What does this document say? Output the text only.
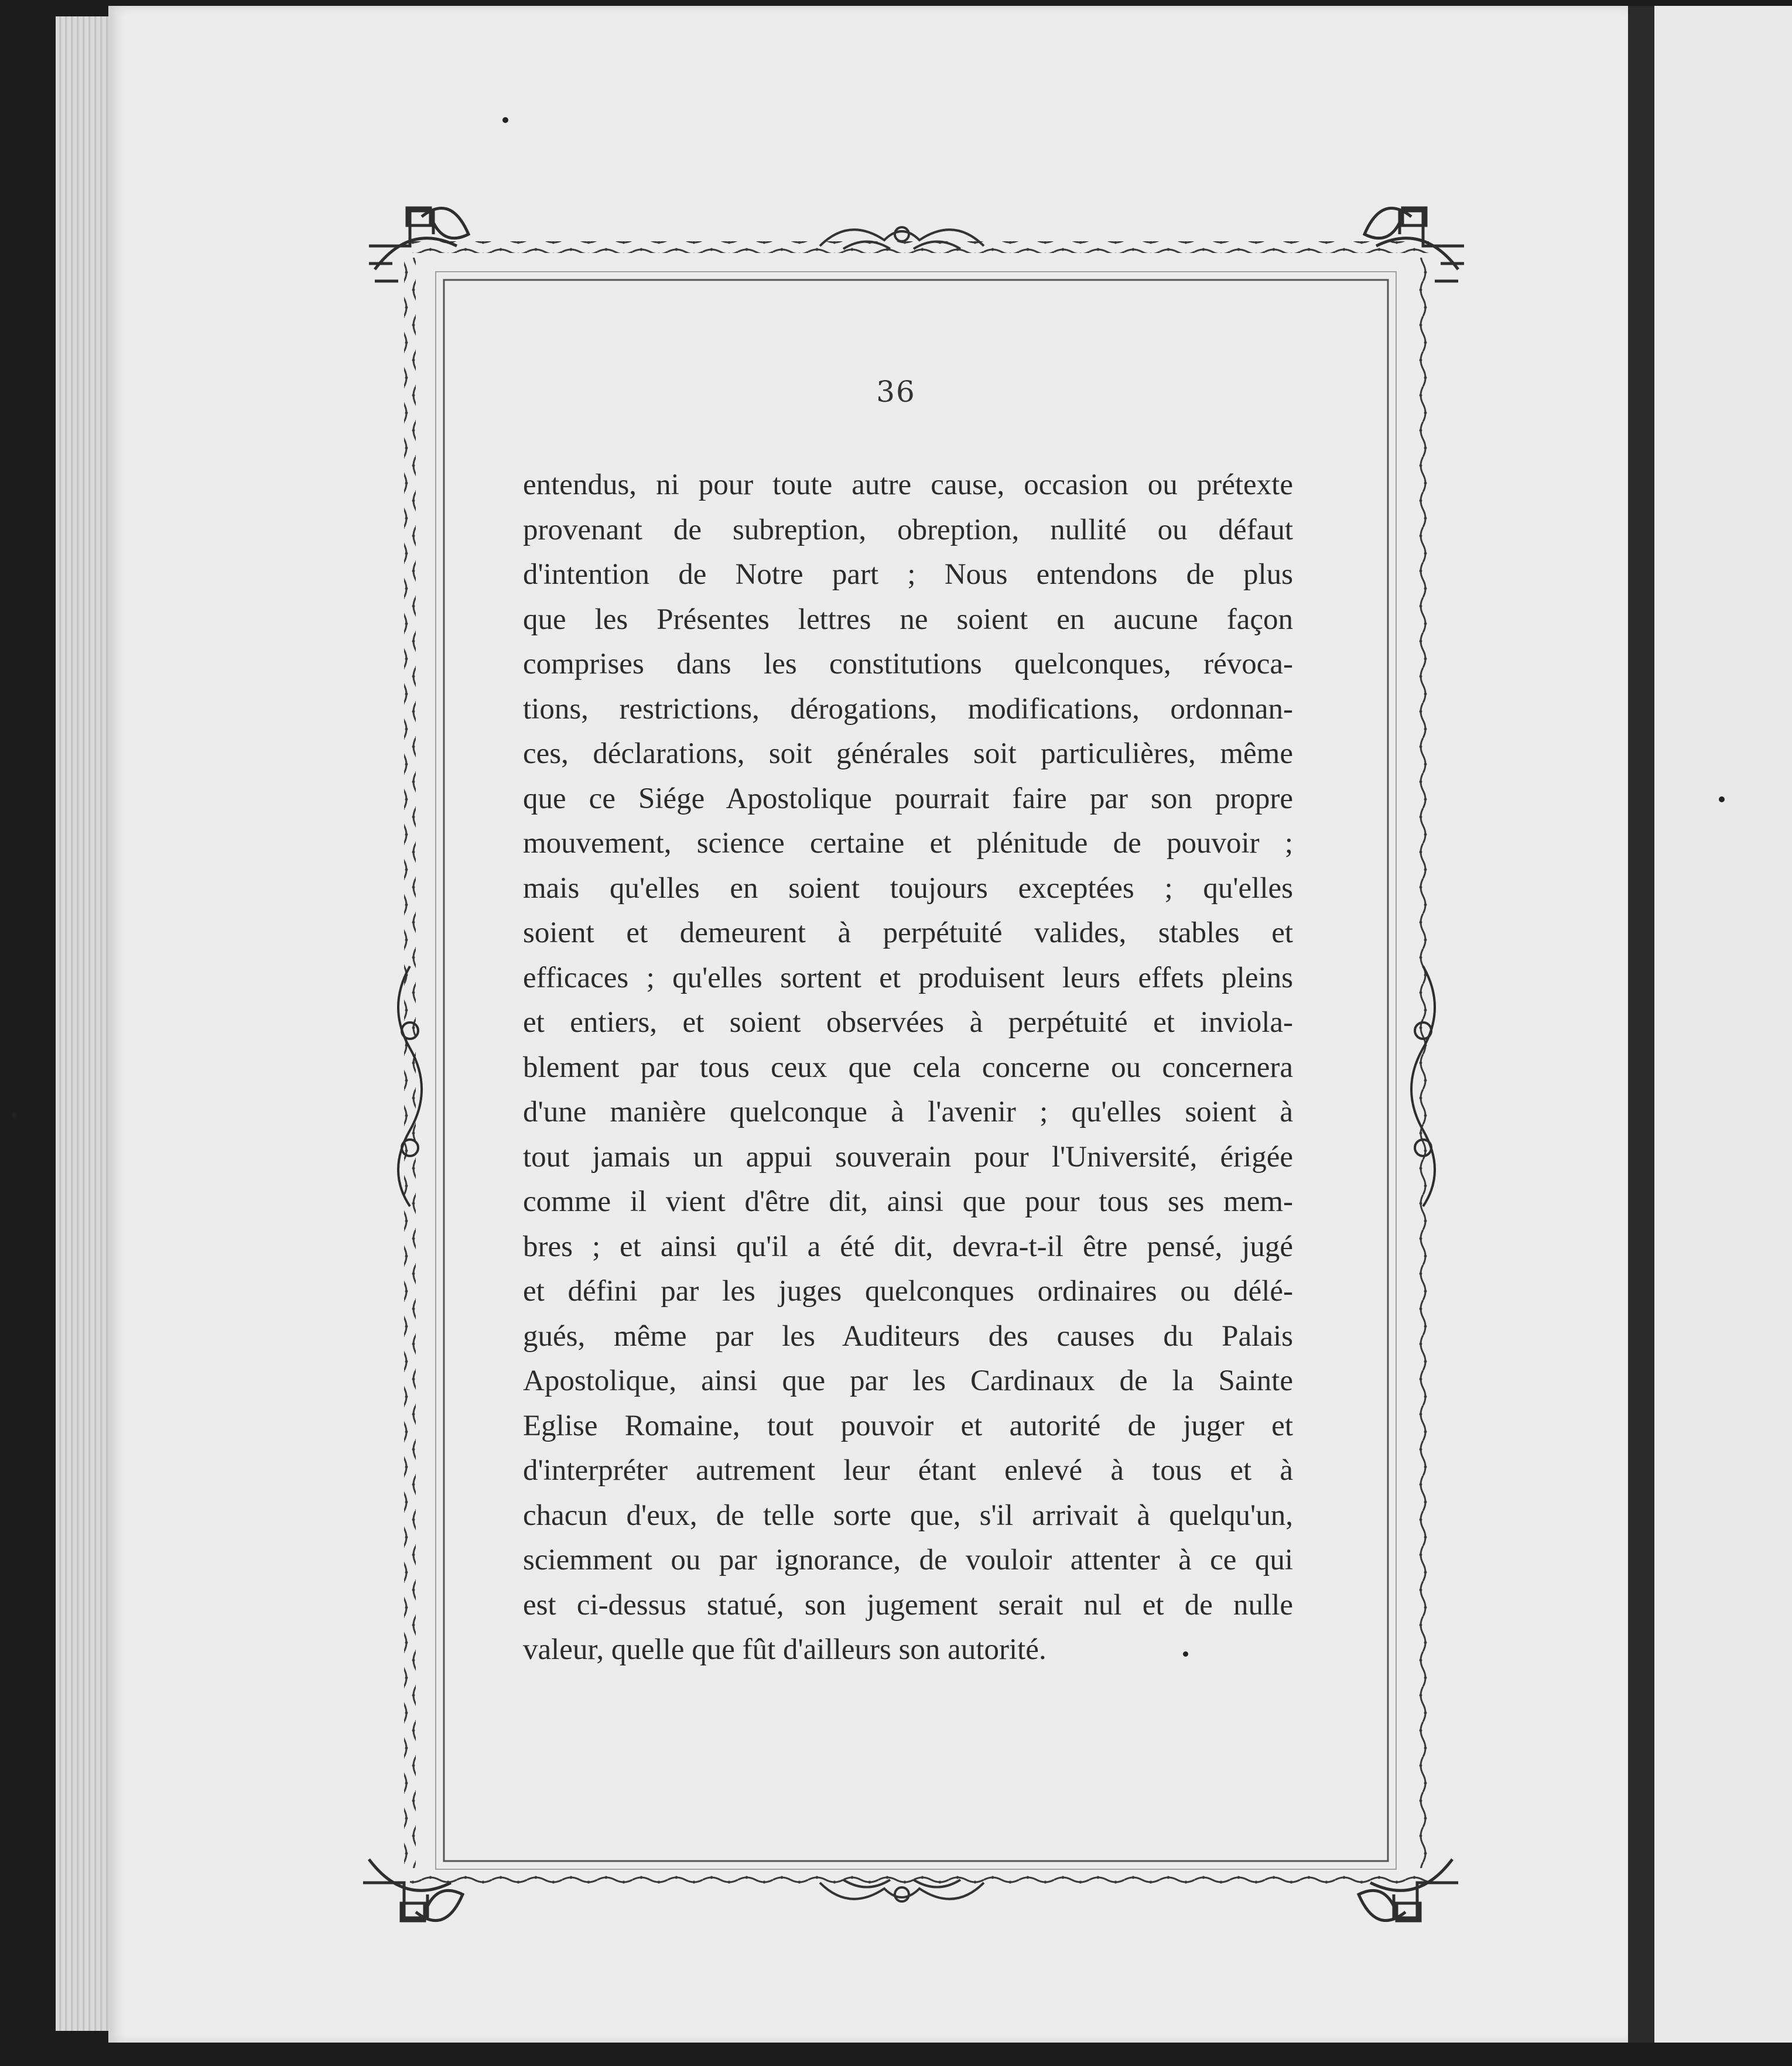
36
entendus, ni pour toute autre cause, occasion ou prétexte
provenant de subreption, obreption, nullité ou défaut
d'intention de Notre part ; Nous entendons de plus
que les Présentes lettres ne soient en aucune façon
comprises dans les constitutions quelconques, révoca-
tions, restrictions, dérogations, modifications, ordonnan-
ces, déclarations, soit générales soit particulières, même
que ce Siége Apostolique pourrait faire par son propre
mouvement, science certaine et plénitude de pouvoir ;
mais qu'elles en soient toujours exceptées ; qu'elles
soient et demeurent à perpétuité valides, stables et
efficaces ; qu'elles sortent et produisent leurs effets pleins
et entiers, et soient observées à perpétuité et inviola-
blement par tous ceux que cela concerne ou concernera
d'une manière quelconque à l'avenir ; qu'elles soient à
tout jamais un appui souverain pour l'Université, érigée
comme il vient d'être dit, ainsi que pour tous ses mem-
bres ; et ainsi qu'il a été dit, devra-t-il être pensé, jugé
et défini par les juges quelconques ordinaires ou délé-
gués, même par les Auditeurs des causes du Palais
Apostolique, ainsi que par les Cardinaux de la Sainte
Eglise Romaine, tout pouvoir et autorité de juger et
d'interpréter autrement leur étant enlevé à tous et à
chacun d'eux, de telle sorte que, s'il arrivait à quelqu'un,
sciemment ou par ignorance, de vouloir attenter à ce qui
est ci-dessus statué, son jugement serait nul et de nulle
valeur, quelle que fût d'ailleurs son autorité.
